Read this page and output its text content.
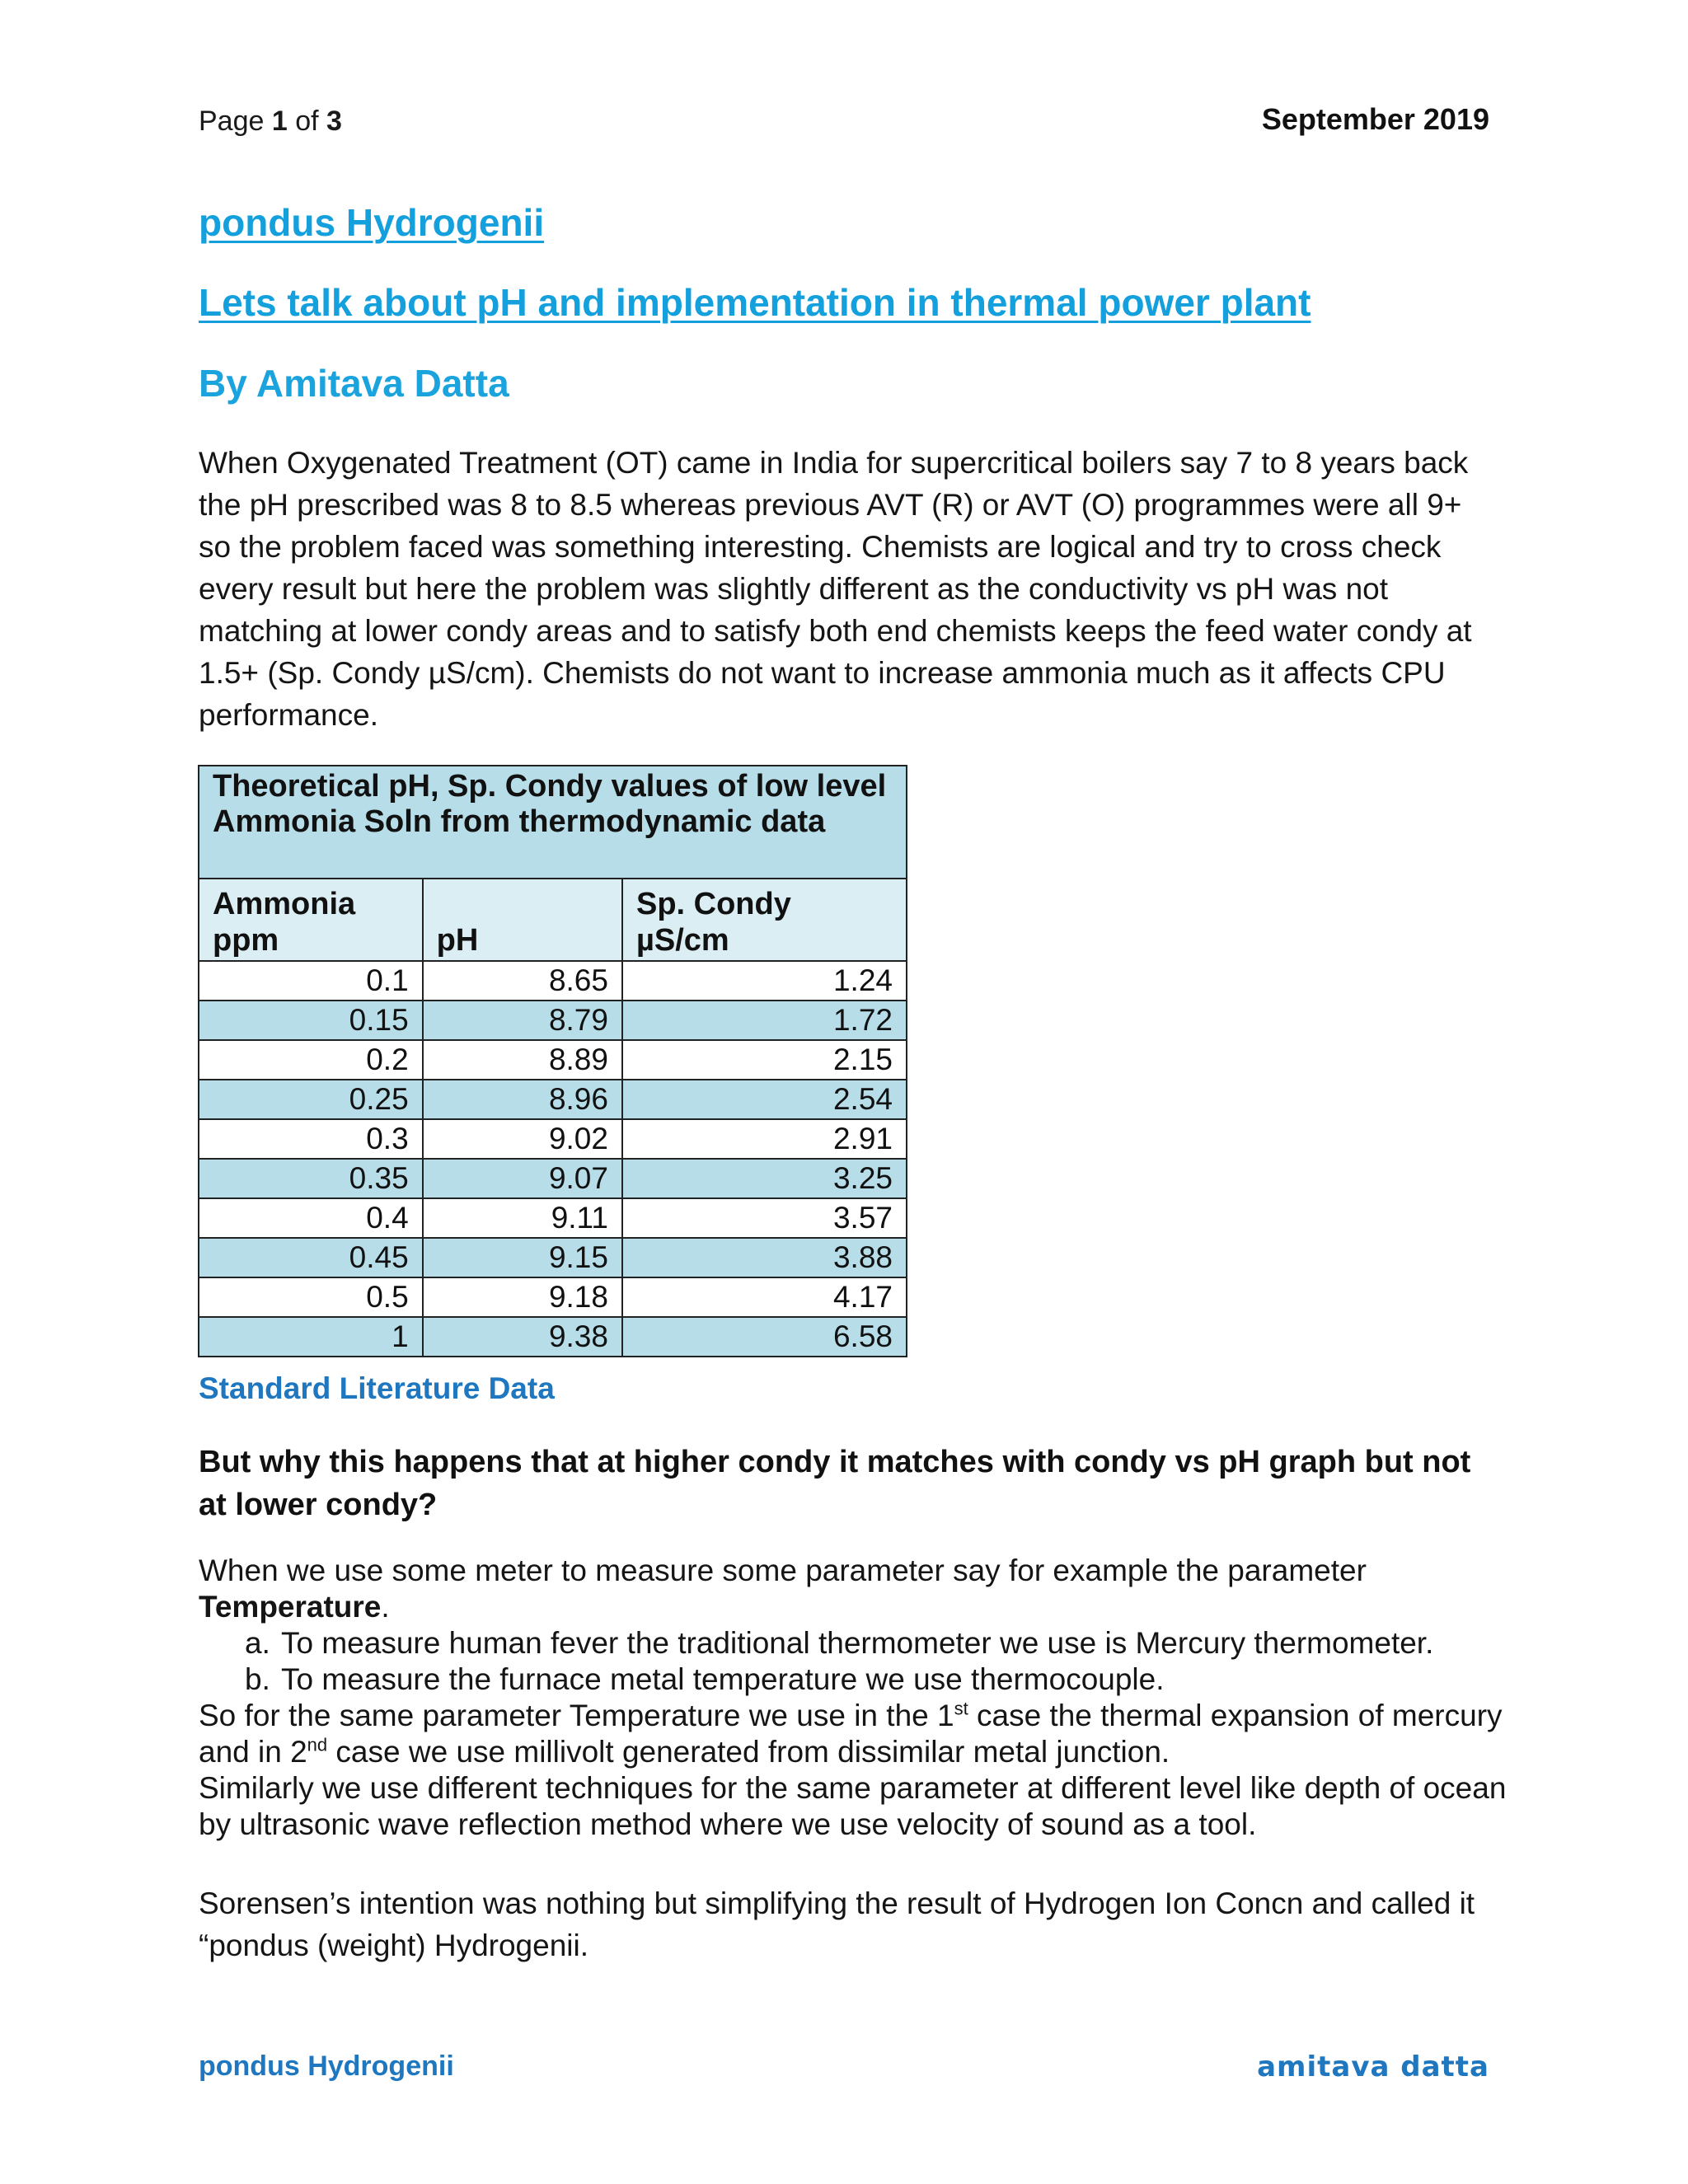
Page 1 of 3	September 2019
pondus Hydrogenii
Lets talk about pH and implementation in thermal power plant
By Amitava Datta

When Oxygenated Treatment (OT) came in India for supercritical boilers say 7 to 8 years back the pH prescribed was 8 to 8.5 whereas previous AVT (R) or AVT (O) programmes were all 9+ so the problem faced was something interesting. Chemists are logical and try to cross check every result but here the problem was slightly different as the conductivity vs pH was not matching at lower condy areas and to satisfy both end chemists keeps the feed water condy at 1.5+ (Sp. Condy µS/cm). Chemists do not want to increase ammonia much as it affects CPU performance.

Theoretical pH, Sp. Condy values of low level Ammonia Soln from thermodynamic data		
Ammonia ppm	pH	Sp. Condy µS/cm
0.1	8.65	1.24
0.15	8.79	1.72
0.2	8.89	2.15
0.25	8.96	2.54
0.3	9.02	2.91
0.35	9.07	3.25
0.4	9.11	3.57
0.45	9.15	3.88
0.5	9.18	4.17
1	9.38	6.58

Standard Literature Data

But why this happens that at higher condy it matches with condy vs pH graph but not at lower condy?

When we use some meter to measure some parameter say for example the parameter
Temperature.

a. To measure human fever the traditional thermometer we use is Mercury thermometer.

b. To measure the furnace metal temperature we use thermocouple.

So for the same parameter Temperature we use in the 1st case the thermal expansion of mercury and in 2nd case we use millivolt generated from dissimilar metal junction.

Similarly we use different techniques for the same parameter at different level like depth of ocean by ultrasonic wave reflection method where we use velocity of sound as a tool.

Sorensen’s intention was nothing but simplifying the result of Hydrogen Ion Concn and called it “pondus (weight) Hydrogenii.

pondus Hydrogenii	amitava datta
